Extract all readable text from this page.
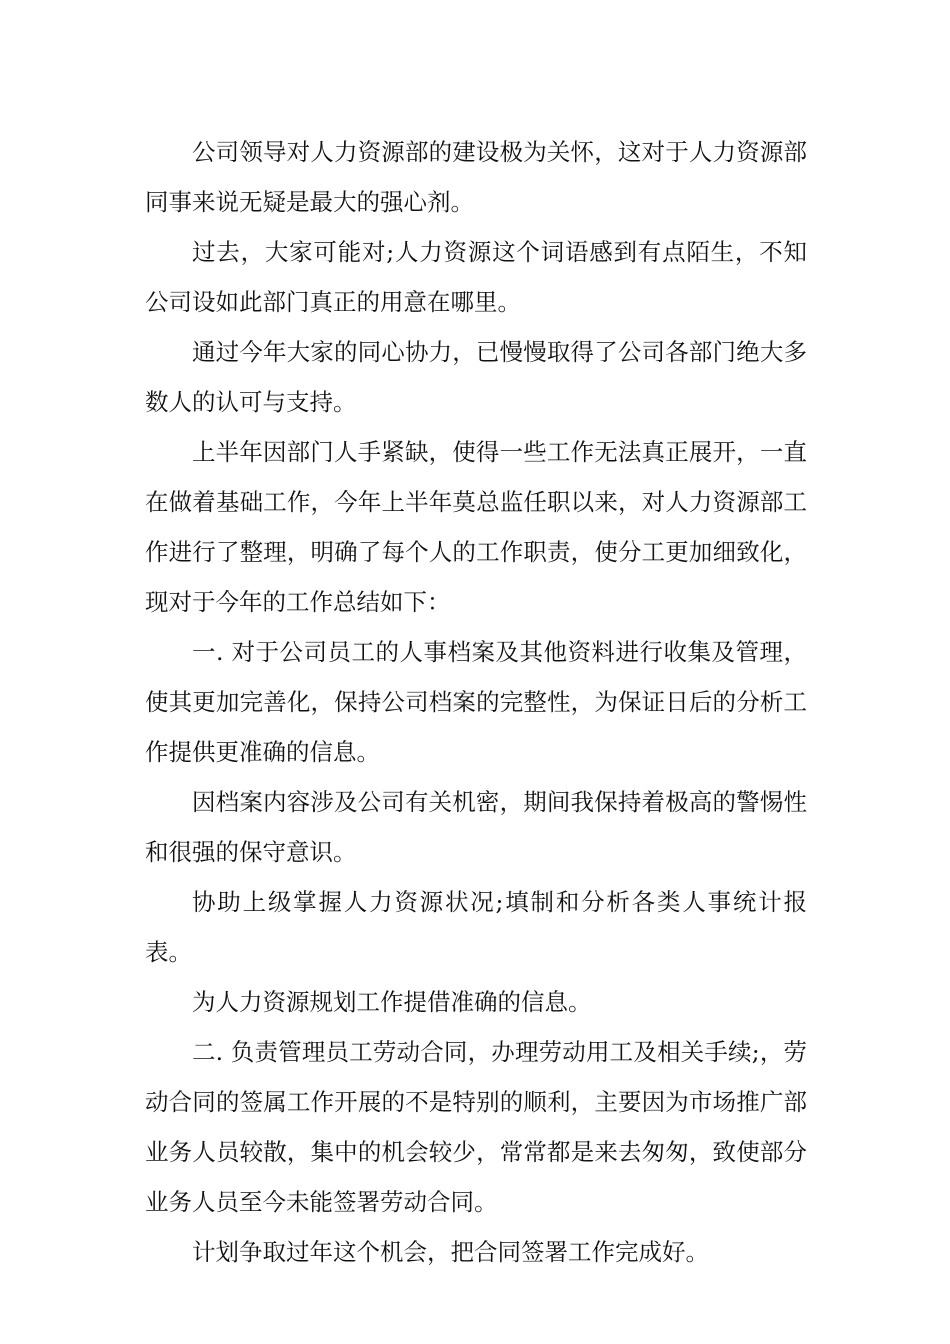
公司领导对人力资源部的建设极为关怀，这对于人力资源部同事来说无疑是最大的强心剂。

过去，大家可能对;人力资源这个词语感到有点陌生，不知公司设如此部门真正的用意在哪里。

通过今年大家的同心协力，已慢慢取得了公司各部门绝大多数人的认可与支持。

上半年因部门人手紧缺，使得一些工作无法真正展开，一直在做着基础工作，今年上半年莫总监任职以来，对人力资源部工作进行了整理，明确了每个人的工作职责，使分工更加细致化，现对于今年的工作总结如下：

一. 对于公司员工的人事档案及其他资料进行收集及管理，使其更加完善化，保持公司档案的完整性，为保证日后的分析工作提供更准确的信息。

因档案内容涉及公司有关机密，期间我保持着极高的警惕性和很强的保守意识。

协助上级掌握人力资源状况;填制和分析各类人事统计报表。

为人力资源规划工作提借准确的信息。

二. 负责管理员工劳动合同，办理劳动用工及相关手续;，劳动合同的签属工作开展的不是特别的顺利，主要因为市场推广部业务人员较散，集中的机会较少，常常都是来去匆匆，致使部分业务人员至今未能签署劳动合同。

计划争取过年这个机会，把合同签署工作完成好。
